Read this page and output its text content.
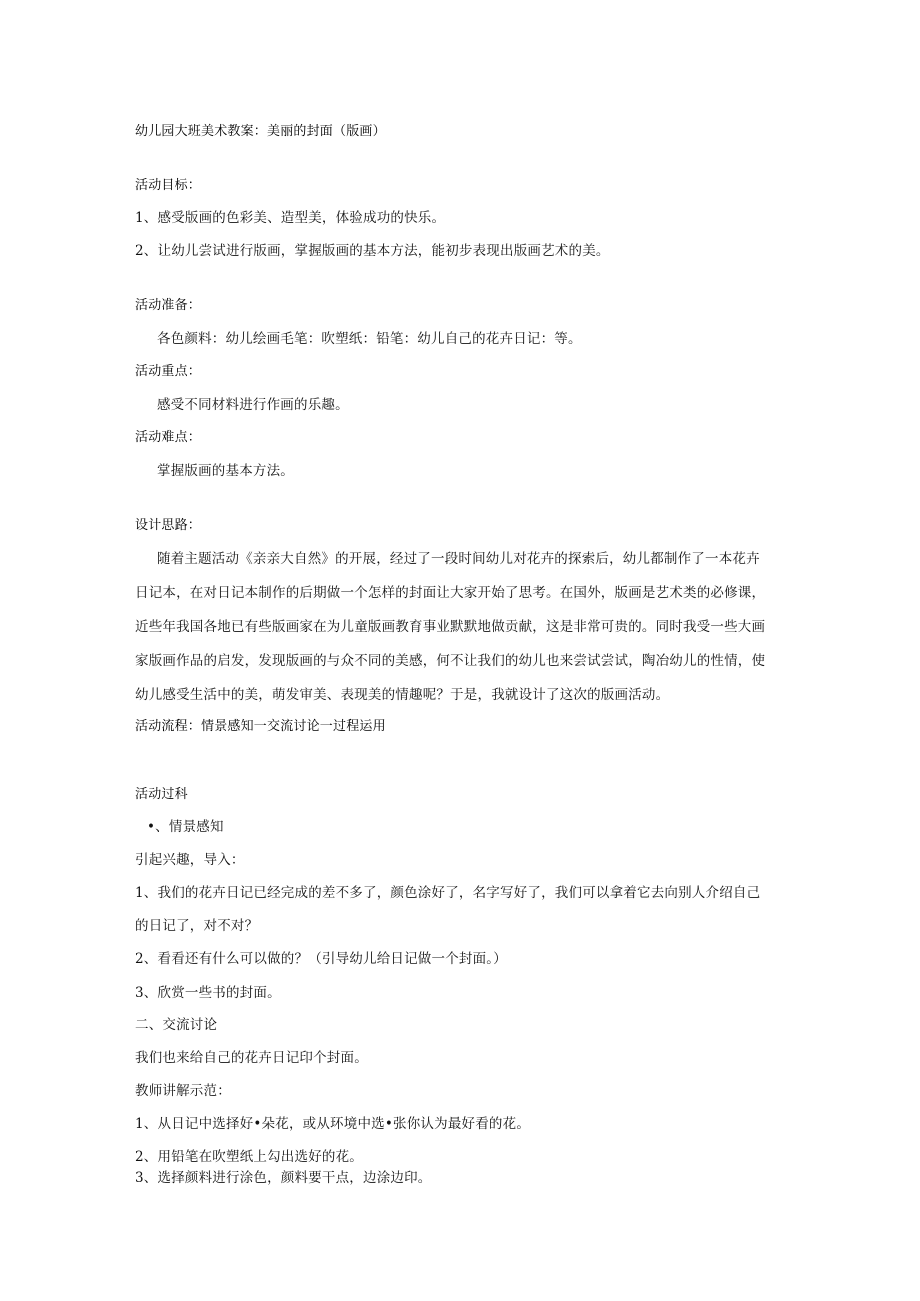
幼儿园大班美术教案：美丽的封面（版画）
活动目标：
1、感受版画的色彩美、造型美，体验成功的快乐。
2、让幼儿尝试进行版画，掌握版画的基本方法，能初步表现出版画艺术的美。
活动准备：
各色颜料：幼儿绘画毛笔：吹塑纸：铅笔：幼儿自己的花卉日记：等。
活动重点：
感受不同材料进行作画的乐趣。
活动难点：
掌握版画的基本方法。
设计思路：
随着主题活动《亲亲大自然》的开展，经过了一段时间幼儿对花卉的探索后，幼儿都制作了一本花卉
日记本，在对日记本制作的后期做一个怎样的封面让大家开始了思考。在国外，版画是艺术类的必修课，
近些年我国各地已有些版画家在为儿童版画教育事业默默地做贡献，这是非常可贵的。同时我受一些大画
家版画作品的启发，发现版画的与众不同的美感，何不让我们的幼儿也来尝试尝试，陶冶幼儿的性情，使
幼儿感受生活中的美，萌发审美、表现美的情趣呢？于是，我就设计了这次的版画活动。
活动流程：情景感知一交流讨论一过程运用
活动过科
•、情景感知
引起兴趣，导入：
1、我们的花卉日记已经完成的差不多了，颜色涂好了，名字写好了，我们可以拿着它去向别人介绍自己
的日记了，对不对？
2、看看还有什么可以做的？（引导幼儿给日记做一个封面。）
3、欣赏一些书的封面。
二、交流讨论
我们也来给自己的花卉日记印个封面。
教师讲解示范：
1、从日记中选择好•朵花，或从环境中选•张你认为最好看的花。
2、用铅笔在吹塑纸上勾出选好的花。
3、选择颜料进行涂色，颜料要干点，边涂边印。
